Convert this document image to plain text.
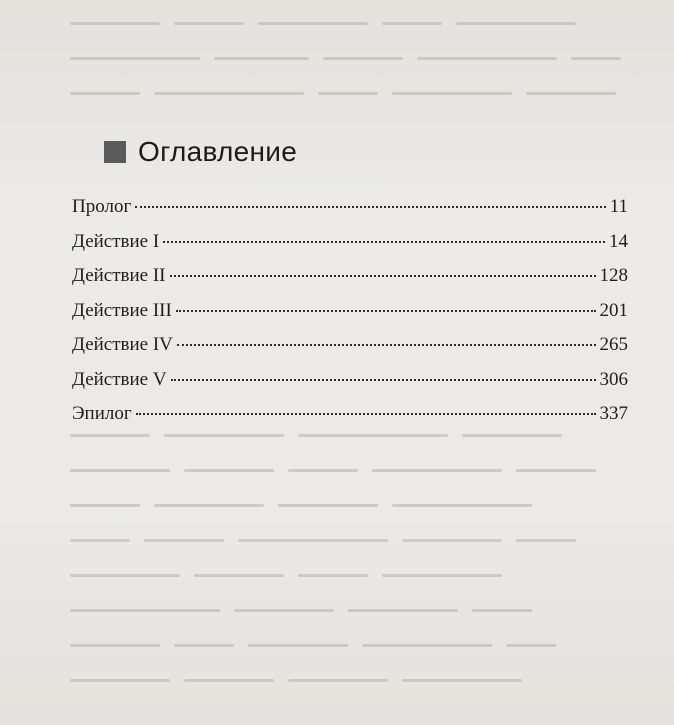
Оглавление
Пролог	11
Действие I	14
Действие II	128
Действие III	201
Действие IV	265
Действие V	306
Эпилог	337
